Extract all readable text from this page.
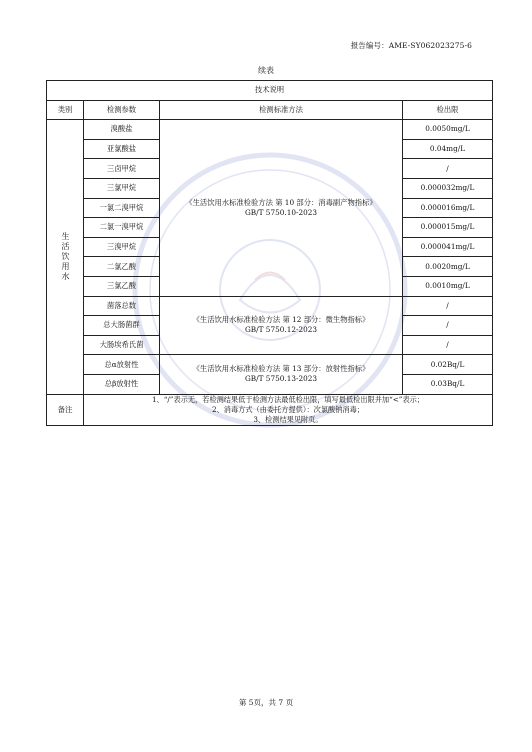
报告编号：AME-SY062023275-6
续表
技术说明			
类别	检测参数	检测标准方法	检出限
生活饮用水	溴酸盐	《生活饮用水标准检验方法 第 10 部分：消毒副产物指标》
GB/T 5750.10-2023	0.0050mg/L
	亚氯酸盐		0.04mg/L
	三卤甲烷		/
	三氯甲烷		0.000032mg/L
	一氯二溴甲烷		0.000016mg/L
	二氯一溴甲烷		0.000015mg/L
	三溴甲烷		0.000041mg/L
	二氯乙酸		0.0020mg/L
	三氯乙酸		0.0010mg/L
	菌落总数	《生活饮用水标准检验方法 第 12 部分：微生物指标》
GB/T 5750.12-2023	/
	总大肠菌群		/
	大肠埃希氏菌		/
	总α放射性	《生活饮用水标准检验方法 第 13 部分：放射性指标》
GB/T 5750.13-2023	0.02Bq/L
	总β放射性		0.03Bq/L
备注	1、“/”表示无，若检测结果低于检测方法最低检出限，填写最低检出限并加“<”表示；
2、消毒方式（由委托方提供）：次氯酸钠消毒；
3、检测结果见附页。		
第 5页，共 7 页
